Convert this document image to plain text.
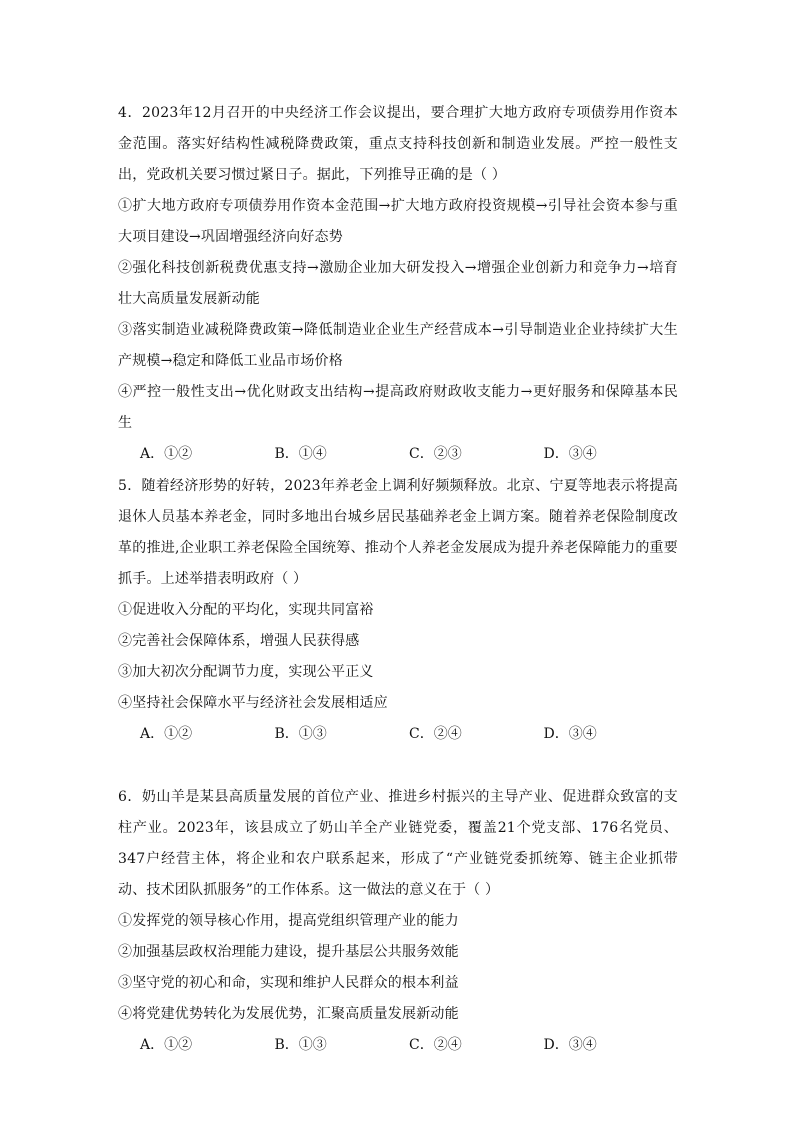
4．2023年12月召开的中央经济工作会议提出，要合理扩大地方政府专项债券用作资本金范围。落实好结构性减税降费政策，重点支持科技创新和制造业发展。严控一般性支出，党政机关要习惯过紧日子。据此，下列推导正确的是（ ）

①扩大地方政府专项债券用作资本金范围→扩大地方政府投资规模→引导社会资本参与重大项目建设→巩固增强经济向好态势

②强化科技创新税费优惠支持→激励企业加大研发投入→增强企业创新力和竞争力→培育壮大高质量发展新动能

③落实制造业减税降费政策→降低制造业企业生产经营成本→引导制造业企业持续扩大生产规模→稳定和降低工业品市场价格

④严控一般性支出→优化财政支出结构→提高政府财政收支能力→更好服务和保障基本民生

A．①②	B．①④	C．②③	D．③④

5．随着经济形势的好转，2023年养老金上调利好频频释放。北京、宁夏等地表示将提高退休人员基本养老金，同时多地出台城乡居民基础养老金上调方案。随着养老保险制度改革的推进,企业职工养老保险全国统筹、推动个人养老金发展成为提升养老保障能力的重要抓手。上述举措表明政府（ ）

①促进收入分配的平均化，实现共同富裕

②完善社会保障体系，增强人民获得感

③加大初次分配调节力度，实现公平正义

④坚持社会保障水平与经济社会发展相适应

A．①②	B．①③	C．②④	D．③④

6．奶山羊是某县高质量发展的首位产业、推进乡村振兴的主导产业、促进群众致富的支柱产业。2023年，该县成立了奶山羊全产业链党委，覆盖21个党支部、176名党员、347户经营主体，将企业和农户联系起来，形成了“产业链党委抓统筹、链主企业抓带动、技术团队抓服务”的工作体系。这一做法的意义在于（ ）

①发挥党的领导核心作用，提高党组织管理产业的能力

②加强基层政权治理能力建设，提升基层公共服务效能

③坚守党的初心和命，实现和维护人民群众的根本利益

④将党建优势转化为发展优势，汇聚高质量发展新动能

A．①②	B．①③	C．②④	D．③④
